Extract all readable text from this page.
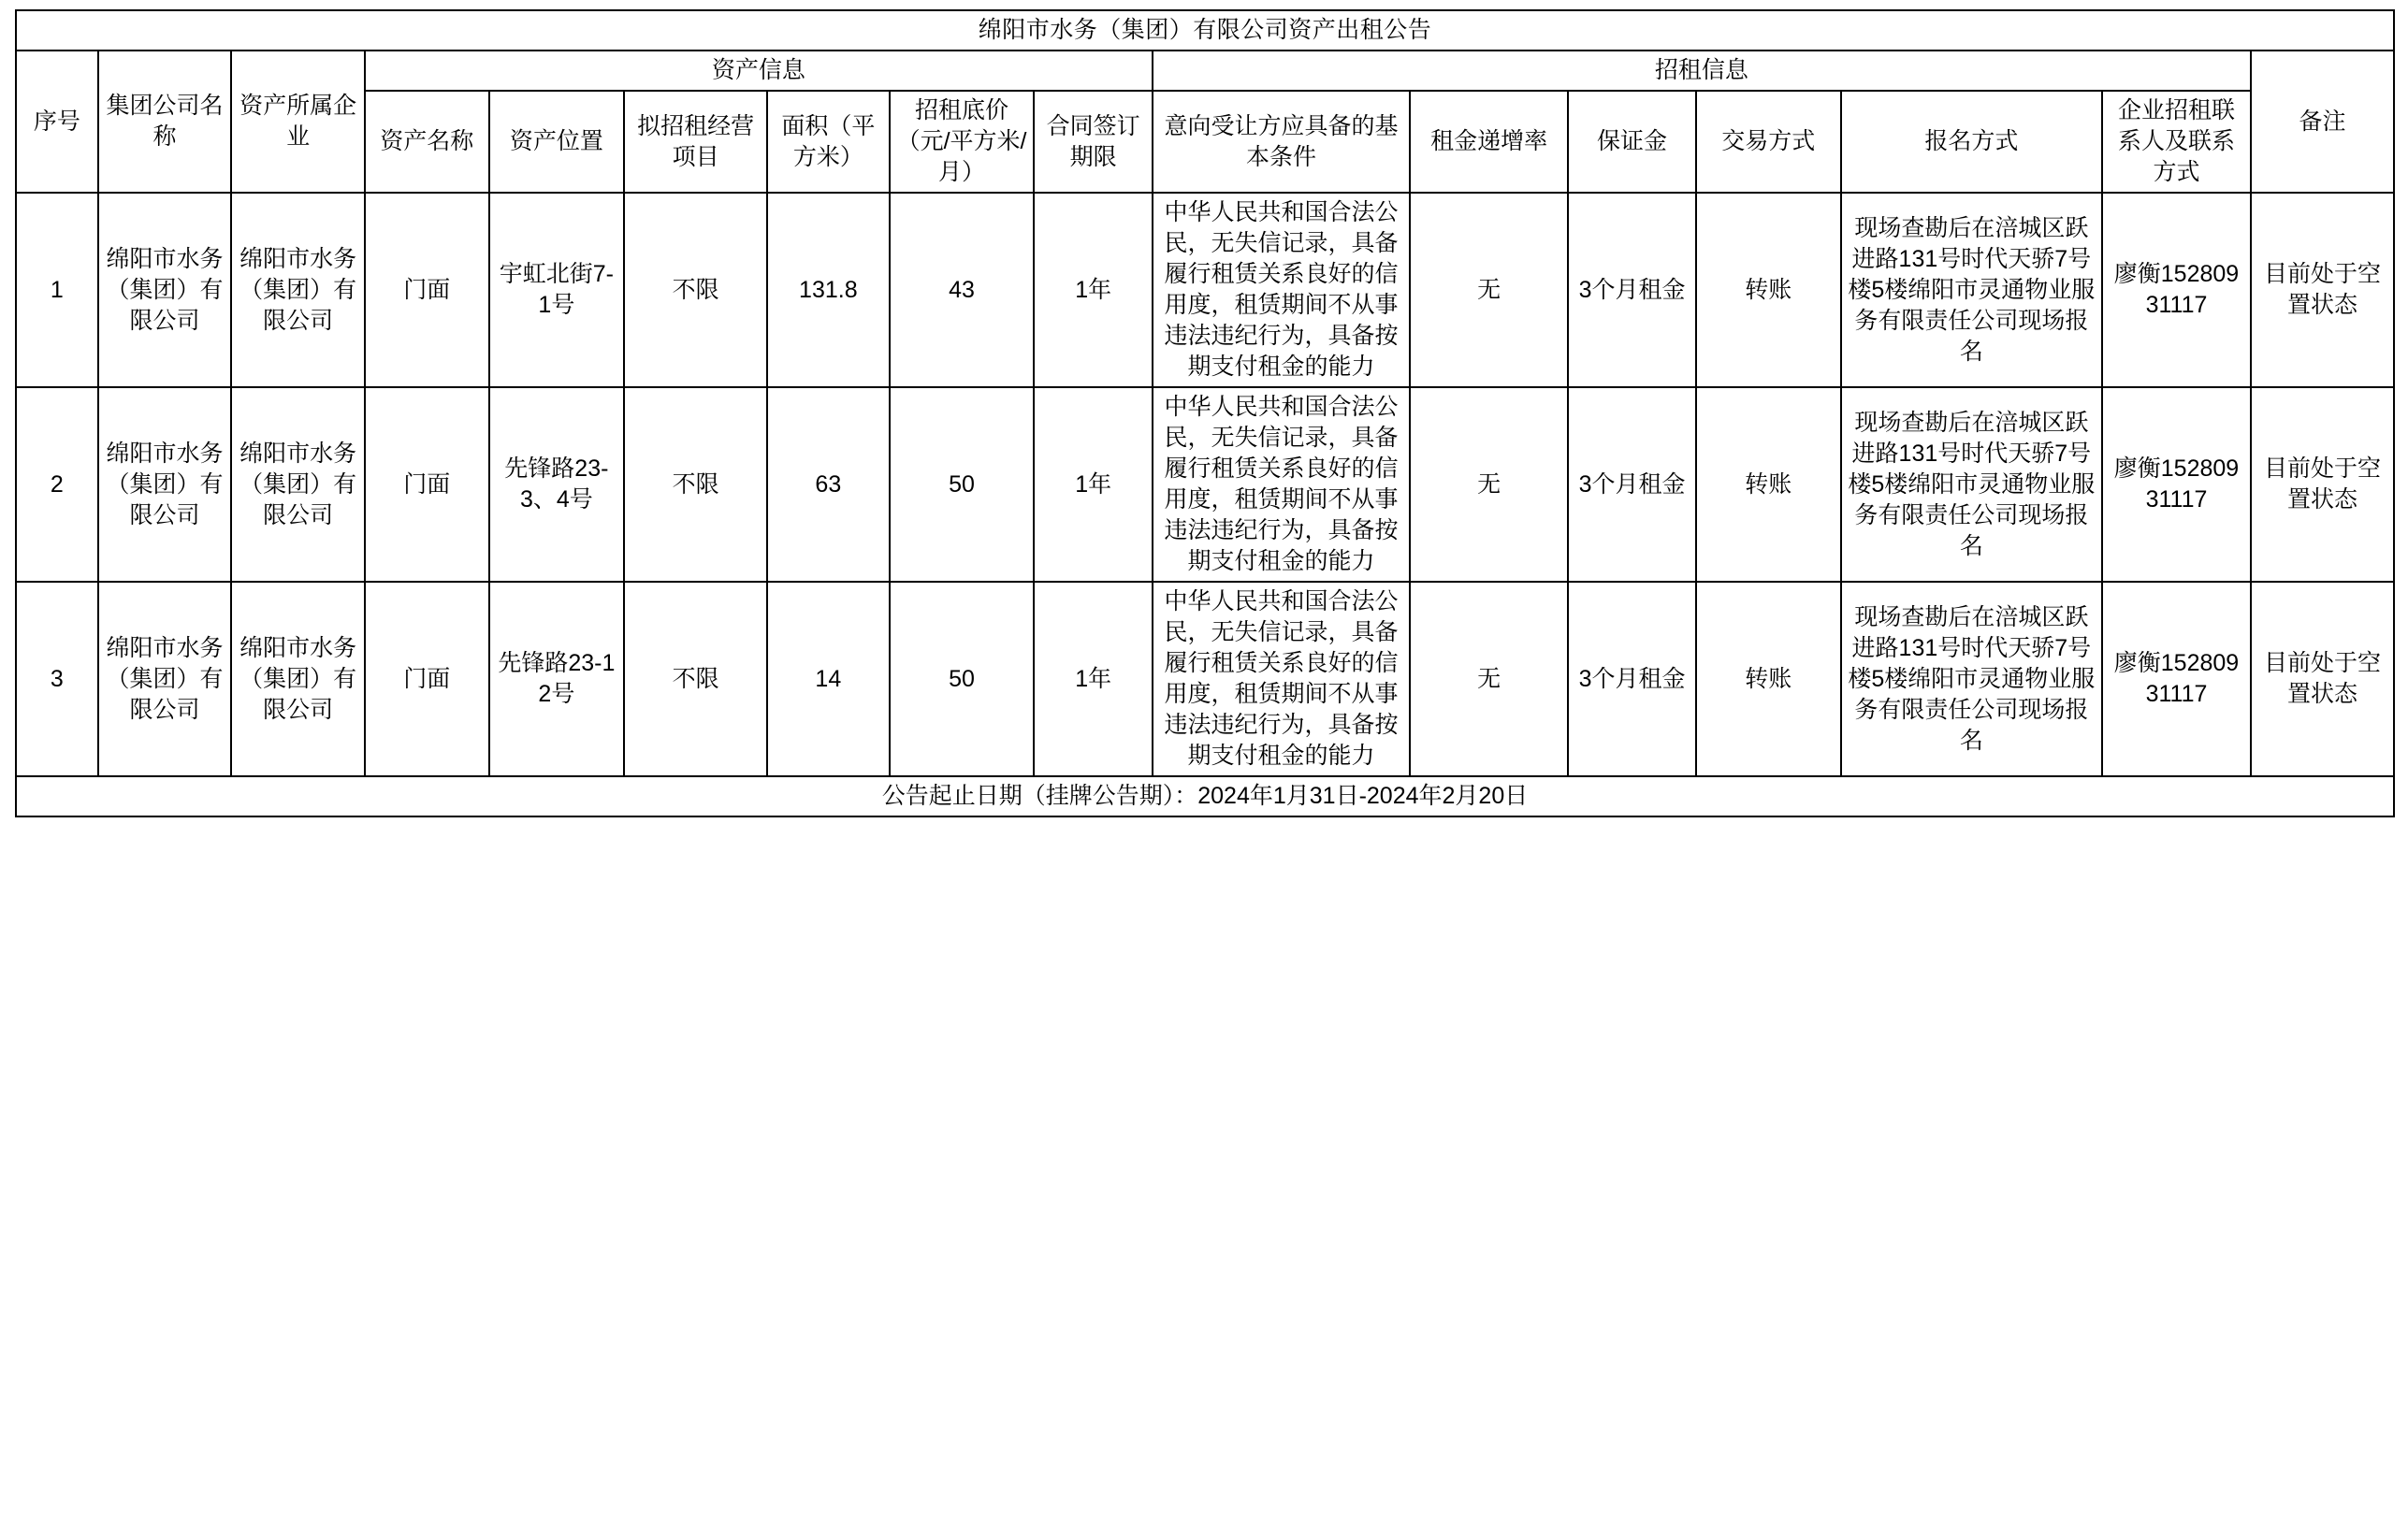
绵阳市水务（集团）有限公司资产出租公告															
序号	集团公司名称	资产所属企业	资产信息						招租信息						备注
			资产名称	资产位置	拟招租经营项目	面积（平方米）	招租底价（元/平方米/月）	合同签订期限	意向受让方应具备的基本条件	租金递增率	保证金	交易方式	报名方式	企业招租联系人及联系方式	
1	绵阳市水务（集团）有限公司	绵阳市水务（集团）有限公司	门面	宇虹北街7-1号	不限	131.8	43	1年	中华人民共和国合法公民，无失信记录，具备履行租赁关系良好的信用度，租赁期间不从事违法违纪行为，具备按期支付租金的能力	无	3个月租金	转账	现场查勘后在涪城区跃进路131号时代天骄7号楼5楼绵阳市灵通物业服务有限责任公司现场报名	廖衡15280931117	目前处于空置状态
2	绵阳市水务（集团）有限公司	绵阳市水务（集团）有限公司	门面	先锋路23-3、4号	不限	63	50	1年	中华人民共和国合法公民，无失信记录，具备履行租赁关系良好的信用度，租赁期间不从事违法违纪行为，具备按期支付租金的能力	无	3个月租金	转账	现场查勘后在涪城区跃进路131号时代天骄7号楼5楼绵阳市灵通物业服务有限责任公司现场报名	廖衡15280931117	目前处于空置状态
3	绵阳市水务（集团）有限公司	绵阳市水务（集团）有限公司	门面	先锋路23-12号	不限	14	50	1年	中华人民共和国合法公民，无失信记录，具备履行租赁关系良好的信用度，租赁期间不从事违法违纪行为，具备按期支付租金的能力	无	3个月租金	转账	现场查勘后在涪城区跃进路131号时代天骄7号楼5楼绵阳市灵通物业服务有限责任公司现场报名	廖衡15280931117	目前处于空置状态
公告起止日期（挂牌公告期）：2024年1月31日-2024年2月20日															
